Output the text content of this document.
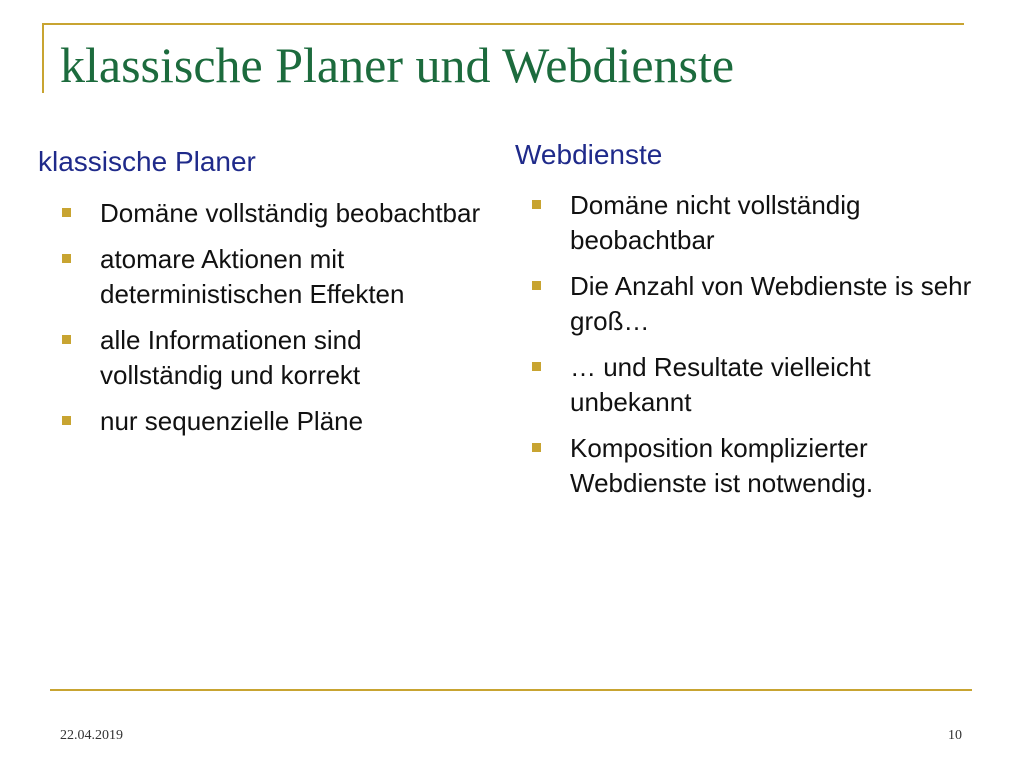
klassische Planer und Webdienste
klassische Planer
Domäne vollständig beobachtbar
atomare Aktionen mit deterministischen Effekten
alle Informationen sind vollständig und korrekt
nur sequenzielle Pläne
Webdienste
Domäne nicht vollständig beobachtbar
Die Anzahl von Webdienste is sehr groß…
… und Resultate vielleicht unbekannt
Komposition komplizierter Webdienste ist notwendig.
22.04.2019	10
